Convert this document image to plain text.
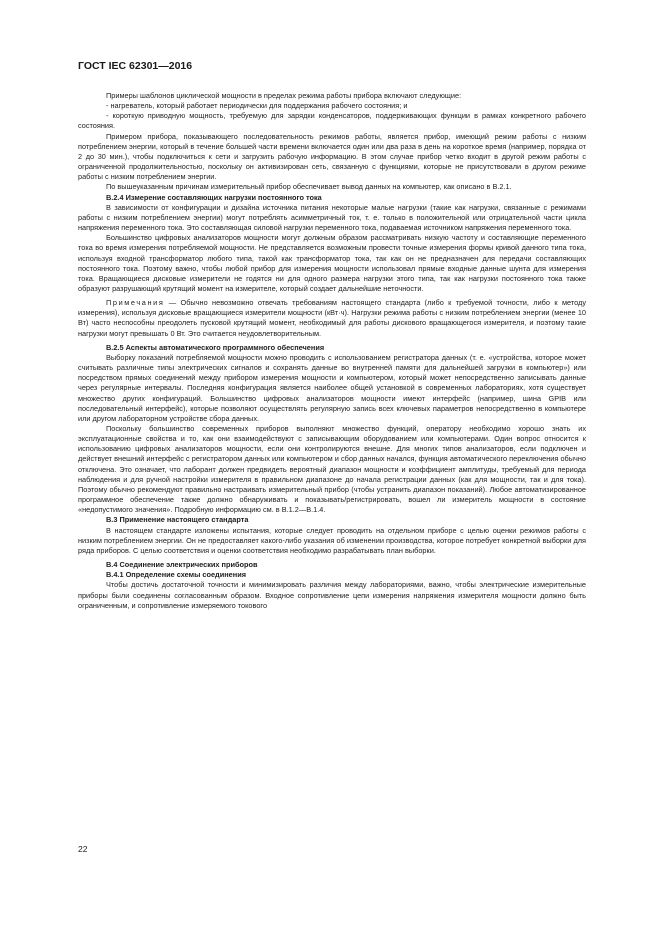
ГОСТ IEC 62301—2016

Примеры шаблонов циклической мощности в пределах режима работы прибора включают следующие:

- нагреватель, который работает периодически для поддержания рабочего состояния; и

- короткую приводную мощность, требуемую для зарядки конденсаторов, поддерживающих функции в рамках конкретного рабочего состояния.

Примером прибора, показывающего последовательность режимов работы, является прибор, имеющий режим работы с низким потреблением энергии, который в течение большей части времени включается один или два раза в день на короткое время (например, порядка от 2 до 30 мин.), чтобы подключиться к сети и загрузить рабочую информацию. В этом случае прибор четко входит в другой режим работы с ограниченной продолжительностью, поскольку он активизирован сеть, связанную с функциями, которые не присутствовали в другом режиме работы с низким потреблением энергии.

По вышеуказанным причинам измерительный прибор обеспечивает вывод данных на компьютер, как описано в B.2.1.

B.2.4 Измерение составляющих нагрузки постоянного тока

В зависимости от конфигурации и дизайна источника питания некоторые малые нагрузки (такие как нагрузки, связанные с режимами работы с низким потреблением энергии) могут потреблять асимметричный ток, т. е. только в положительной или отрицательной части цикла напряжения переменного тока. Это составляющая силовой нагрузки переменного тока, подаваемая источником напряжения переменного тока.

Большинство цифровых анализаторов мощности могут должным образом рассматривать низкую частоту и составляющие переменного тока во время измерения потребляемой мощности. Не представляется возможным провести точные измерения формы кривой данного типа тока, используя входной трансформатор любого типа, такой как трансформатор тока, так как он не предназначен для передачи составляющих постоянного тока. Поэтому важно, чтобы любой прибор для измерения мощности использовал прямые входные данные шунта для измерения тока. Вращающиеся дисковые измерители не годятся ни для одного размера нагрузки этого типа, так как нагрузки постоянного тока также образуют разрушающий крутящий момент на измерителе, который создает дальнейшие неточности.

Примечания — Обычно невозможно отвечать требованиям настоящего стандарта (либо к требуемой точности, либо к методу измерения), используя дисковые вращающиеся измерители мощности (кВт·ч). Нагрузки режима работы с низким потреблением энергии (менее 10 Вт) часто неспособны преодолеть пусковой крутящий момент, необходимый для работы дискового вращающегося измерителя, и поэтому такие нагрузки могут превышать 0 Вт. Это считается неудовлетворительным.

B.2.5 Аспекты автоматического программного обеспечения

Выборку показаний потребляемой мощности можно проводить с использованием регистратора данных (т. е. «устройства, которое может считывать различные типы электрических сигналов и сохранять данные во внутренней памяти для дальнейшей загрузки в компьютер») или посредством прямых соединений между прибором измерения мощности и компьютером, который может непосредственно записывать данные через регулярные интервалы. Последняя конфигурация является наиболее общей установкой в современных лабораториях, хотя существует множество других конфигураций. Большинство цифровых анализаторов мощности имеют интерфейс (например, шина GPIB или последовательный интерфейс), которые позволяют осуществлять регулярную запись всех ключевых параметров непосредственно в компьютере или другом лабораторном устройстве сбора данных.

Поскольку большинство современных приборов выполняют множество функций, оператору необходимо хорошо знать их эксплуатационные свойства и то, как они взаимодействуют с записывающим оборудованием или компьютерами. Один вопрос относится к использованию цифровых анализаторов мощности, если они контролируются внешне. Для многих типов анализаторов, если подключен и действует внешний интерфейс с регистратором данных или компьютером и сбор данных начался, функция автоматического переключения обычно отключена. Это означает, что лаборант должен предвидеть вероятный диапазон мощности и коэффициент амплитуды, требуемый для периода наблюдения и для ручной настройки измерителя в правильном диапазоне до начала регистрации данных (как для мощности, так и для тока). Поэтому обычно рекомендуют правильно настраивать измерительный прибор (чтобы устранить диапазон показаний). Любое автоматизированное программное обеспечение также должно обнаруживать и показывать/регистрировать, вошел ли измеритель мощности в состояние «недопустимого значения». Подробную информацию см. в B.1.2—B.1.4.

B.3 Применение настоящего стандарта

В настоящем стандарте изложены испытания, которые следует проводить на отдельном приборе с целью оценки режимов работы с низким потреблением энергии. Он не предоставляет какого-либо указания об изменении производства, которое потребует конкретной выборки для ряда приборов. С целью соответствия и оценки соответствия необходимо разрабатывать план выборки.

B.4 Соединение электрических приборов

B.4.1 Определение схемы соединения

Чтобы достичь достаточной точности и минимизировать различия между лабораториями, важно, чтобы электрические измерительные приборы были соединены согласованным образом. Входное сопротивление цепи измерения напряжения измерителя мощности должно быть ограниченным, и сопротивление измеряемого токового

22
